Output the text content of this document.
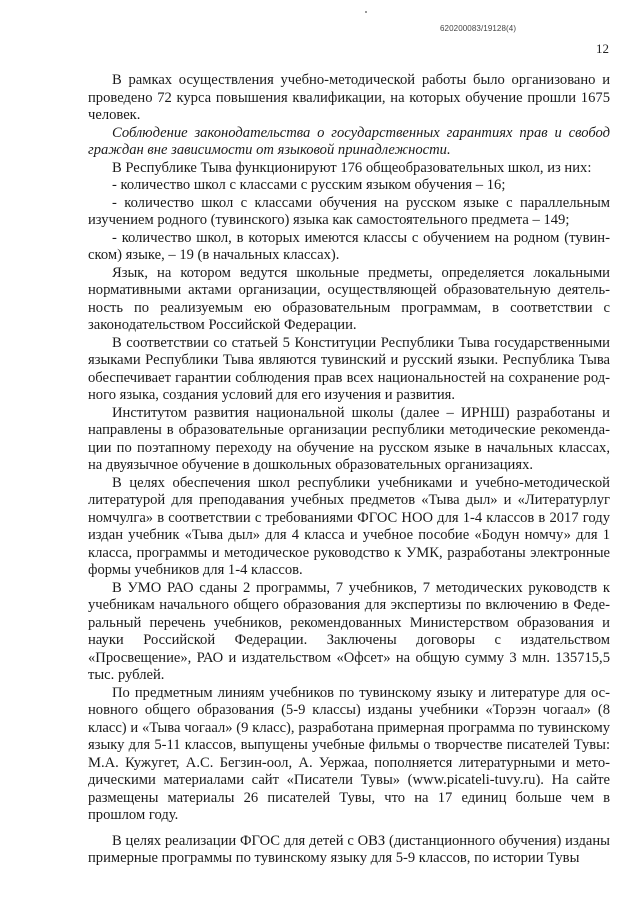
620200083/19128(4)
12

В рамках осуществления учебно-методической работы было организовано и проведено 72 курса повышения квалификации, на которых обучение прошли 1675 человек.

Соблюдение законодательства о государственных гарантиях прав и свобод граждан вне зависимости от языковой принадлежности.

В Республике Тыва функционируют 176 общеобразовательных школ, из них:

- количество школ с классами с русским языком обучения – 16;

- количество школ с классами обучения на русском языке с параллельным изучением родного (тувинского) языка как самостоятельного предмета – 149;

- количество школ, в которых имеются классы с обучением на родном (тувинском) языке, – 19 (в начальных классах).

Язык, на котором ведутся школьные предметы, определяется локальными нормативными актами организации, осуществляющей образовательную деятельность по реализуемым ею образовательным программам, в соответствии с законодательством Российской Федерации.

В соответствии со статьей 5 Конституции Республики Тыва государственными языками Республики Тыва являются тувинский и русский языки. Республика Тыва обеспечивает гарантии соблюдения прав всех национальностей на сохранение родного языка, создания условий для его изучения и развития.

Институтом развития национальной школы (далее – ИРНШ) разработаны и направлены в образовательные организации республики методические рекомендации по поэтапному переходу на обучение на русском языке в начальных классах, на двуязычное обучение в дошкольных образовательных организациях.

В целях обеспечения школ республики учебниками и учебно-методической литературой для преподавания учебных предметов «Тыва дыл» и «Литературлуг номчулга» в соответствии с требованиями ФГОС НОО для 1-4 классов в 2017 году издан учебник «Тыва дыл» для 4 класса и учебное пособие «Бодун номчу» для 1 класса, программы и методическое руководство к УМК, разработаны электронные формы учебников для 1-4 классов.

В УМО РАО сданы 2 программы, 7 учебников, 7 методических руководств к учебникам начального общего образования для экспертизы по включению в Федеральный перечень учебников, рекомендованных Министерством образования и науки Российской Федерации. Заключены договоры с издательством «Просвещение», РАО и издательством «Офсет» на общую сумму 3 млн. 135715,5 тыс. рублей.

По предметным линиям учебников по тувинскому языку и литературе для основного общего образования (5-9 классы) изданы учебники «Торээн чогаал» (8 класс) и «Тыва чогаал» (9 класс), разработана примерная программа по тувинскому языку для 5-11 классов, выпущены учебные фильмы о творчестве писателей Тувы: М.А. Кужугет, А.С. Бегзин-оол, А. Уержаа, пополняется литературными и методическими материалами сайт «Писатели Тувы» (www.picateli-tuvy.ru). На сайте размещены материалы 26 писателей Тувы, что на 17 единиц больше чем в прошлом году.

В целях реализации ФГОС для детей с ОВЗ (дистанционного обучения) изданы примерные программы по тувинскому языку для 5-9 классов, по истории Тувы
